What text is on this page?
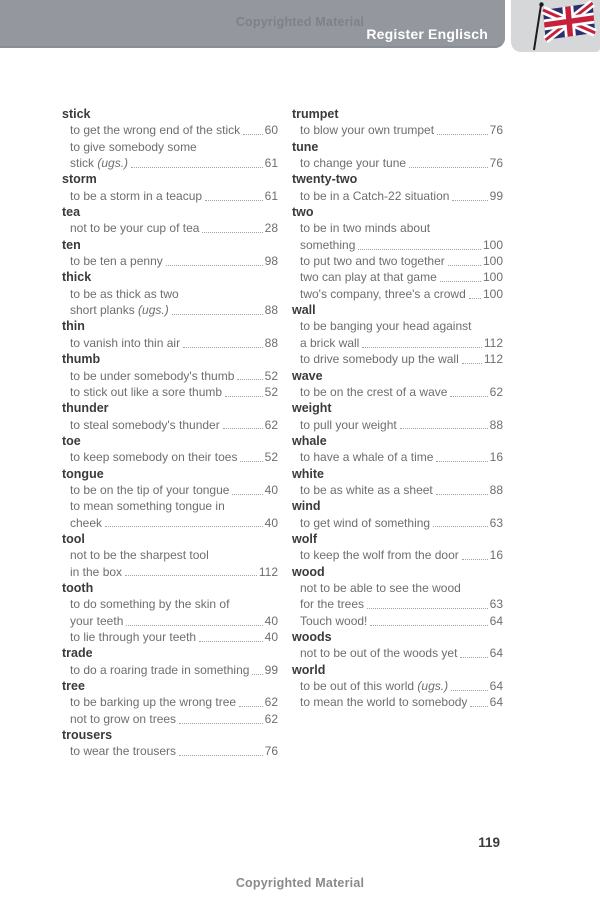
Copyrighted Material
Register Englisch
stick
to get the wrong end of the stick 60
to give somebody some
stick (ugs.)	61
storm
to be a storm in a teacup	61
tea
not to be your cup of tea	28
ten
to be ten a penny	98
thick
to be as thick as two
short planks (ugs.)	88
thin
to vanish into thin air	88
thumb
to be under somebody's thumb	52
to stick out like a sore thumb	52
thunder
to steal somebody's thunder	62
toe
to keep somebody on their toes 52
tongue
to be on the tip of your tongue	40
to mean something tongue in
cheek	40
tool
not to be the sharpest tool
in the box	112
tooth
to do something by the skin of
your teeth	40
to lie through your teeth	40
trade
to do a roaring trade in something 99
tree
to be barking up the wrong tree 62
not to grow on trees	62
trousers
to wear the trousers	76
trumpet
to blow your own trumpet	76
tune
to change your tune	76
twenty-two
to be in a Catch-22 situation	99
two
to be in two minds about
something	100
to put two and two together	100
two can play at that game	100
two's company, three's a crowd 100
wall
to be banging your head against
a brick wall	112
to drive somebody up the wall 112
wave
to be on the crest of a wave	62
weight
to pull your weight	88
whale
to have a whale of a time	16
white
to be as white as a sheet	88
wind
to get wind of something	63
wolf
to keep the wolf from the door	16
wood
not to be able to see the wood
for the trees	63
Touch wood!	64
woods
not to be out of the woods yet	64
world
to be out of this world (ugs.)	64
to mean the world to somebody 64
119
Copyrighted Material
